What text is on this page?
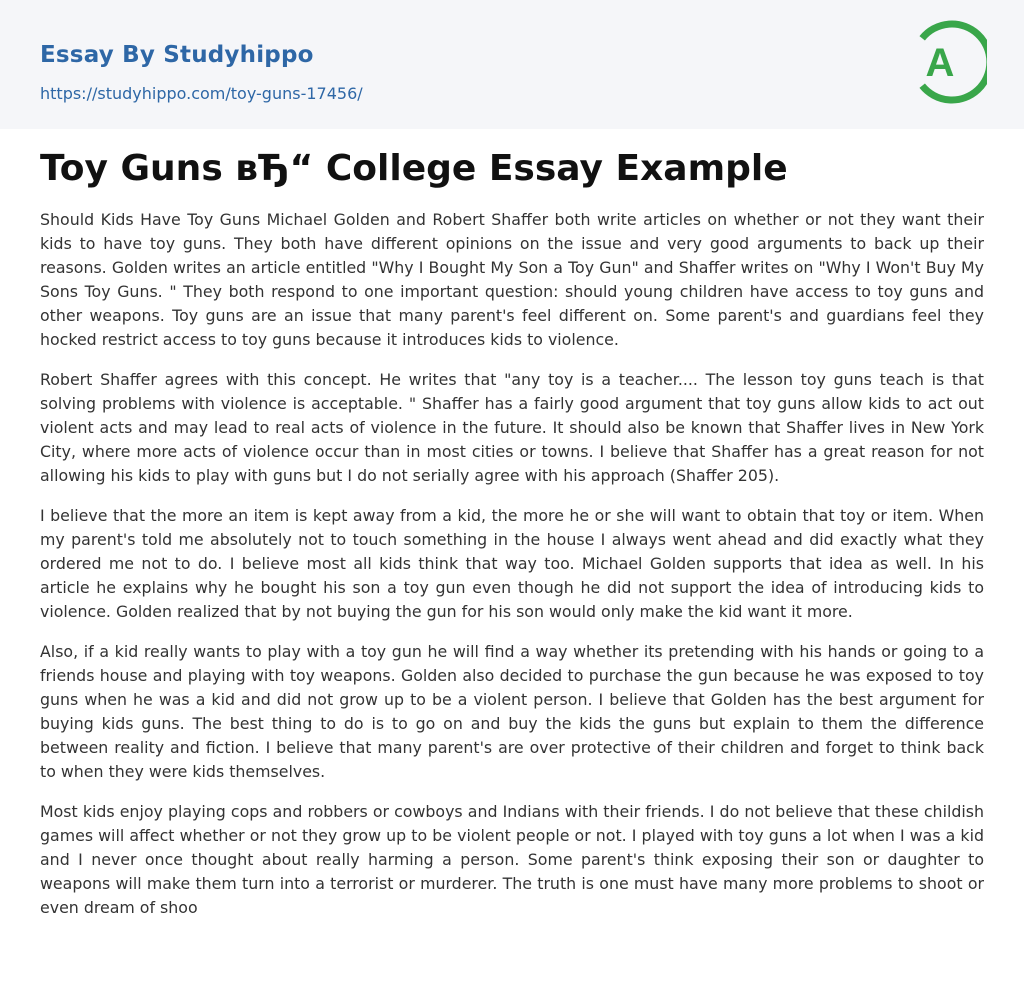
Essay By Studyhippo
https://studyhippo.com/toy-guns-17456/
A
Toy Guns вЂ“ College Essay Example

Should Kids Have Toy Guns Michael Golden and Robert Shaffer both write articles on whether or not they want their kids to have toy guns. They both have different opinions on the issue and very good arguments to back up their reasons. Golden writes an article entitled "Why I Bought My Son a Toy Gun" and Shaffer writes on "Why I Won't Buy My Sons Toy Guns. " They both respond to one important question: should young children have access to toy guns and other weapons. Toy guns are an issue that many parent's feel different on. Some parent's and guardians feel they hocked restrict access to toy guns because it introduces kids to violence.

Robert Shaffer agrees with this concept. He writes that "any toy is a teacher.... The lesson toy guns teach is that solving problems with violence is acceptable. " Shaffer has a fairly good argument that toy guns allow kids to act out violent acts and may lead to real acts of violence in the future. It should also be known that Shaffer lives in New York City, where more acts of violence occur than in most cities or towns. I believe that Shaffer has a great reason for not allowing his kids to play with guns but I do not serially agree with his approach (Shaffer 205).

I believe that the more an item is kept away from a kid, the more he or she will want to obtain that toy or item. When my parent's told me absolutely not to touch something in the house I always went ahead and did exactly what they ordered me not to do. I believe most all kids think that way too. Michael Golden supports that idea as well. In his article he explains why he bought his son a toy gun even though he did not support the idea of introducing kids to violence. Golden realized that by not buying the gun for his son would only make the kid want it more.

Also, if a kid really wants to play with a toy gun he will find a way whether its pretending with his hands or going to a friends house and playing with toy weapons. Golden also decided to purchase the gun because he was exposed to toy guns when he was a kid and did not grow up to be a violent person. I believe that Golden has the best argument for buying kids guns. The best thing to do is to go on and buy the kids the guns but explain to them the difference between reality and fiction. I believe that many parent's are over protective of their children and forget to think back to when they were kids themselves.

Most kids enjoy playing cops and robbers or cowboys and Indians with their friends. I do not believe that these childish games will affect whether or not they grow up to be violent people or not. I played with toy guns a lot when I was a kid and I never once thought about really harming a person. Some parent's think exposing their son or daughter to weapons will make them turn into a terrorist or murderer. The truth is one must have many more problems to shoot or even dream of shoo
